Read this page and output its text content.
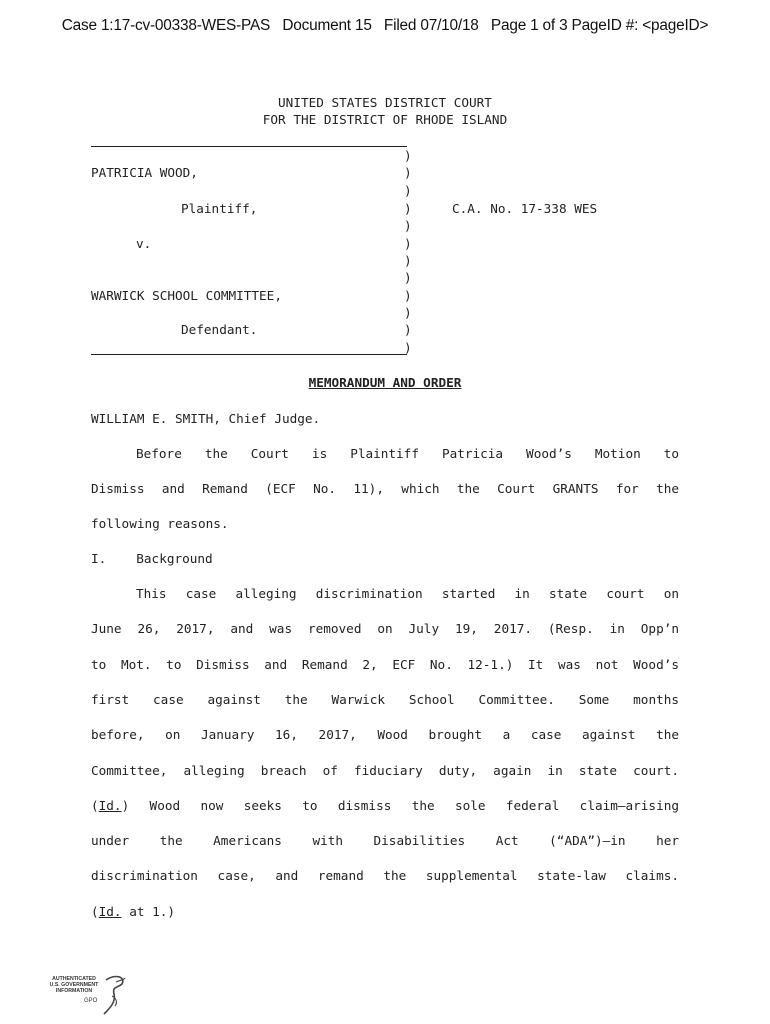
Case 1:17-cv-00338-WES-PAS Document 15 Filed 07/10/18 Page 1 of 3 PageID #: <pageID>
UNITED STATES DISTRICT COURT
FOR THE DISTRICT OF RHODE ISLAND
PATRICIA WOOD,
Plaintiff,
v.
WARWICK SCHOOL COMMITTEE,
Defendant.
C.A. No. 17-338 WES
)
)
)
)
)
)
)
)
)
)
)
)
MEMORANDUM AND ORDER
WILLIAM E. SMITH, Chief Judge.
Before the Court is Plaintiff Patricia Wood’s Motion to
Dismiss and Remand (ECF No. 11), which the Court GRANTS for the
following reasons.
I. Background
This case alleging discrimination started in state court on
June 26, 2017, and was removed on July 19, 2017. (Resp. in Opp’n
to Mot. to Dismiss and Remand 2, ECF No. 12-1.) It was not Wood’s
first case against the Warwick School Committee. Some months
before, on January 16, 2017, Wood brought a case against the
Committee, alleging breach of fiduciary duty, again in state court.
(Id.) Wood now seeks to dismiss the sole federal claim—arising
under the Americans with Disabilities Act (“ADA”)—in her
discrimination case, and remand the supplemental state-law claims.
(Id. at 1.)
AUTHENTICATED
U.S. GOVERNMENT
INFORMATION
GPO
